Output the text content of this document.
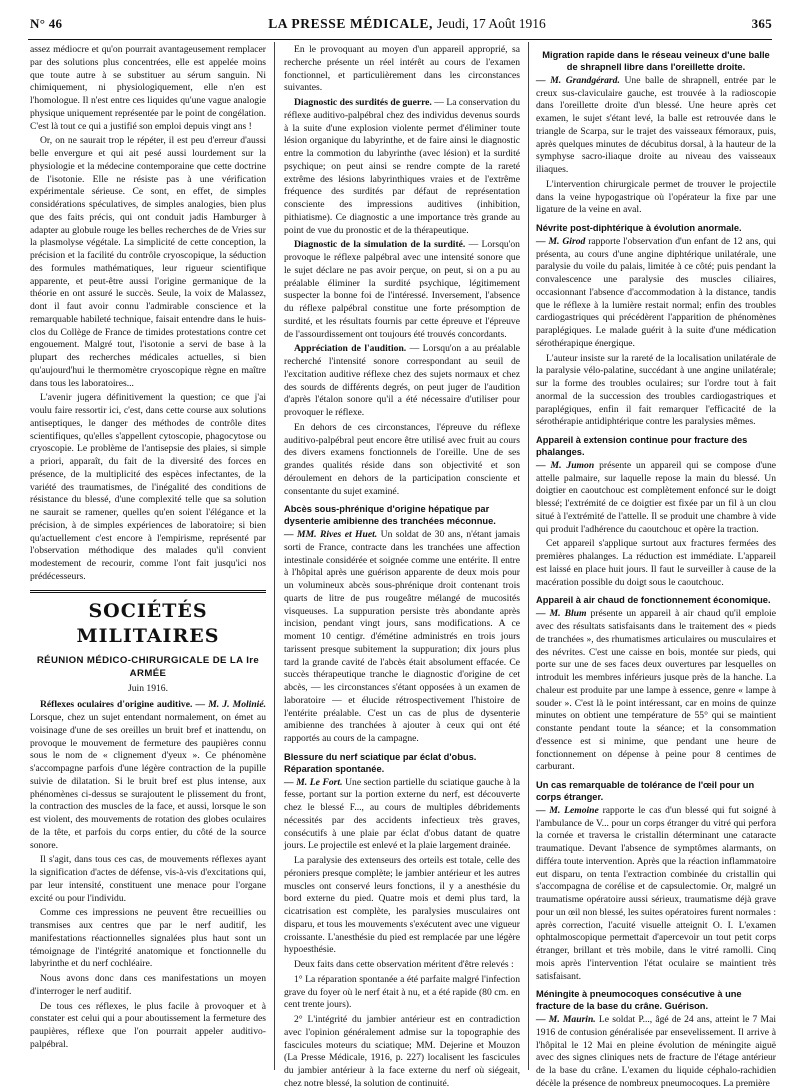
N° 46	LA PRESSE MÉDICALE, Jeudi, 17 Août 1916	365

assez médiocre et qu'on pourrait avantageusement remplacer par des solutions plus concentrées, elle est appelée moins que toute autre à se substituer au sérum sanguin. Ni chimiquement, ni physiologiquement, elle n'en est l'homologue. Il n'est entre ces liquides qu'une vague analogie physique uniquement représentée par le point de congélation. C'est là tout ce qui a justifié son emploi depuis vingt ans !

Or, on ne saurait trop le répéter, il est peu d'erreur d'aussi belle envergure et qui ait pesé aussi lourdement sur la physiologie et la médecine contemporaine que cette doctrine de l'isotonie. Elle ne résiste pas à une vérification expérimentale sérieuse. Ce sont, en effet, de simples considérations spéculatives, de simples analogies, bien plus que des faits précis, qui ont conduit jadis Hamburger à adapter au globule rouge les belles recherches de de Vries sur la plasmolyse végétale. La simplicité de cette conception, la précision et la facilité du contrôle cryoscopique, la séduction des formules mathématiques, leur rigueur scientifique apparente, et peut-être aussi l'origine germanique de la théorie en ont assuré le succès. Seule, la voix de Malassez, dont il faut avoir connu l'admirable conscience et la remarquable habileté technique, faisait entendre dans le huis-clos du Collège de France de timides protestations contre cet engouement. Malgré tout, l'isotonie a servi de base à la plupart des recherches médicales actuelles, si bien qu'aujourd'hui le thermomètre cryoscopique règne en maître dans tous les laboratoires...

L'avenir jugera définitivement la question; ce que j'ai voulu faire ressortir ici, c'est, dans cette course aux solutions antiseptiques, le danger des méthodes de contrôle dites scientifiques, qu'elles s'appellent cytoscopie, phagocytose ou cryoscopie. Le problème de l'antisepsie des plaies, si simple a priori, apparaît, du fait de la diversité des forces en présence, de la multiplicité des espèces infectantes, de la variété des traumatismes, de l'inégalité des conditions de résistance du blessé, d'une complexité telle que sa solution ne saurait se ramener, quelles qu'en soient l'élégance et la précision, à de simples expériences de laboratoire; si bien qu'actuellement c'est encore à l'empirisme, représenté par l'observation méthodique des malades qu'il convient modestement de recourir, comme l'ont fait jusqu'ici nos prédécesseurs.

SOCIÉTÉS MILITAIRES
RÉUNION MÉDICO-CHIRURGICALE DE LA Ire ARMÉE
Juin 1916.

Réflexes oculaires d'origine auditive. — M. J. Molinié. Lorsque, chez un sujet entendant normalement, on émet au voisinage d'une de ses oreilles un bruit bref et inattendu, on provoque le mouvement de fermeture des paupières connu sous le nom de « clignement d'yeux ». Ce phénomène s'accompagne parfois d'une légère contraction de la pupille suivie de dilatation. Si le bruit bref est plus intense, aux phénomènes ci-dessus se surajoutent le plissement du front, la contraction des muscles de la face, et aussi, lorsque le son est violent, des mouvements de rotation des globes oculaires de la tête, et parfois du corps entier, du côté de la source sonore.

Il s'agit, dans tous ces cas, de mouvements réflexes ayant la signification d'actes de défense, vis-à-vis d'excitations qui, par leur intensité, constituent une menace pour l'organe excité ou pour l'individu.

Comme ces impressions ne peuvent être recueillies ou transmises aux centres que par le nerf auditif, les manifestations réactionnelles signalées plus haut sont un témoignage de l'intégrité anatomique et fonctionnelle du labyrinthe et du nerf cochléaire.

Nous avons donc dans ces manifestations un moyen d'interroger le nerf auditif.

De tous ces réflexes, le plus facile à provoquer et à constater est celui qui a pour aboutissement la fermeture des paupières, réflexe que l'on pourrait appeler auditivo-palpébral.

En le provoquant au moyen d'un appareil approprié, sa recherche présente un réel intérêt au cours de l'examen fonctionnel, et particulièrement dans les circonstances suivantes.

Diagnostic des surdités de guerre. — La conservation du réflexe auditivo-palpébral chez des individus devenus sourds à la suite d'une explosion violente permet d'éliminer toute lésion organique du labyrinthe, et de faire ainsi le diagnostic entre la commotion du labyrinthe (avec lésion) et la surdité psychique; on peut ainsi se rendre compte de la rareté extrême des lésions labyrinthiques vraies et de l'extrême fréquence des surdités par défaut de représentation consciente des impressions auditives (inhibition, pithiatisme). Ce diagnostic a une importance très grande au point de vue du pronostic et de la thérapeutique.

Diagnostic de la simulation de la surdité. — Lorsqu'on provoque le réflexe palpébral avec une intensité sonore que le sujet déclare ne pas avoir perçue, on peut, si on a pu au préalable éliminer la surdité psychique, légitimement suspecter la bonne foi de l'intéressé. Inversement, l'absence du réflexe palpébral constitue une forte présomption de surdité, et les résultats fournis par cette épreuve et l'épreuve de l'assourdissement ont toujours été trouvés concordants.

Appréciation de l'audition. — Lorsqu'on a au préalable recherché l'intensité sonore correspondant au seuil de l'excitation auditive réflexe chez des sujets normaux et chez des sourds de différents degrés, on peut juger de l'audition d'après l'étalon sonore qu'il a été nécessaire d'utiliser pour provoquer le réflexe.

En dehors de ces circonstances, l'épreuve du réflexe auditivo-palpébral peut encore être utilisé avec fruit au cours des divers examens fonctionnels de l'oreille. Une de ses grandes qualités réside dans son objectivité et son déroulement en dehors de la participation consciente et consentante du sujet examiné.

Abcès sous-phrénique d'origine hépatique par dysenterie amibienne des tranchées méconnue.

— MM. Rives et Huet. Un soldat de 30 ans, n'étant jamais sorti de France, contracte dans les tranchées une affection intestinale considérée et soignée comme une entérite. Il entre à l'hôpital après une guérison apparente de deux mois pour un volumineux abcès sous-phrénique droit contenant trois quarts de litre de pus rougeâtre mélangé de mucosités visqueuses. La suppuration persiste très abondante après incision, pendant vingt jours, sans modifications. A ce moment 10 centigr. d'émétine administrés en trois jours tarissent presque subitement la suppuration; dix jours plus tard la grande cavité de l'abcès était absolument effacée. Ce succès thérapeutique tranche le diagnostic d'origine de cet abcès, — les circonstances s'étant opposées à un examen de laboratoire — et élucide rétrospectivement l'histoire de l'entérite préalable. C'est un cas de plus de dysenterie amibienne des tranchées à ajouter à ceux qui ont été rapportés au cours de la campagne.

Blessure du nerf sciatique par éclat d'obus. Réparation spontanée.

— M. Le Fort. Une section partielle du sciatique gauche à la fesse, portant sur la portion externe du nerf, est découverte chez le blessé F..., au cours de multiples débridements nécessités par des accidents infectieux très graves, consécutifs à une plaie par éclat d'obus datant de quatre jours. Le projectile est enlevé et la plaie largement drainée.

La paralysie des extenseurs des orteils est totale, celle des péroniers presque complète; le jambier antérieur et les autres muscles ont conservé leurs fonctions, il y a anesthésie du bord externe du pied. Quatre mois et demi plus tard, la cicatrisation est complète, les paralysies musculaires ont disparu, et tous les mouvements s'exécutent avec une vigueur croissante. L'anesthésie du pied est remplacée par une légère hypoesthésie.

Deux faits dans cette observation méritent d'être relevés :

1° La réparation spontanée a été parfaite malgré l'infection grave du foyer où le nerf était à nu, et a été rapide (80 cm. en cent trente jours).

2° L'intégrité du jambier antérieur est en contradiction avec l'opinion généralement admise sur la topographie des fascicules moteurs du sciatique; MM. Dejerine et Mouzon (La Presse Médicale, 1916, p. 227) localisent les fascicules du jambier antérieur à la face externe du nerf où siégeait, chez notre blessé, la solution de continuité.

Migration rapide dans le réseau veineux d'une balle de shrapnell libre dans l'oreillette droite.

— M. Grandgérard. Une balle de shrapnell, entrée par le creux sus-claviculaire gauche, est trouvée à la radioscopie dans l'oreillette droite d'un blessé. Une heure après cet examen, le sujet s'étant levé, la balle est retrouvée dans le triangle de Scarpa, sur le trajet des vaisseaux fémoraux, puis, après quelques minutes de décubitus dorsal, à la hauteur de la symphyse sacro-iliaque droite au niveau des vaisseaux iliaques.

L'intervention chirurgicale permet de trouver le projectile dans la veine hypogastrique où l'opérateur la fixe par une ligature de la veine en aval.

Névrite post-diphtérique à évolution anormale.

— M. Girod rapporte l'observation d'un enfant de 12 ans, qui présenta, au cours d'une angine diphtérique unilatérale, une paralysie du voile du palais, limitée à ce côté; puis pendant la convalescence une paralysie des muscles ciliaires, occasionnant l'absence d'accommodation à la distance, tandis que le réflexe à la lumière restait normal; enfin des troubles cardiogastriques qui précédèrent l'apparition de phénomènes paraplégiques. Le malade guérit à la suite d'une médication sérothérapique énergique.

L'auteur insiste sur la rareté de la localisation unilatérale de la paralysie vélo-palatine, succédant à une angine unilatérale; sur la forme des troubles oculaires; sur l'ordre tout à fait anormal de la succession des troubles cardiogastriques et paraplégiques, enfin il fait remarquer l'efficacité de la sérothérapie antidiphtérique contre les paralysies mêmes.

Appareil à extension continue pour fracture des phalanges.

— M. Jumon présente un appareil qui se compose d'une attelle palmaire, sur laquelle repose la main du blessé. Un doigtier en caoutchouc est complètement enfoncé sur le doigt blessé; l'extrémité de ce doigtier est fixée par un fil à un clou situé à l'extrémité de l'attelle. Il se produit une chambre à vide qui produit l'adhérence du caoutchouc et opère la traction.

Cet appareil s'applique surtout aux fractures fermées des premières phalanges. La réduction est immédiate. L'appareil est laissé en place huit jours. Il faut le surveiller à cause de la macération possible du doigt sous le caoutchouc.

Appareil à air chaud de fonctionnement économique.

— M. Blum présente un appareil à air chaud qu'il emploie avec des résultats satisfaisants dans le traitement des « pieds de tranchées », des rhumatismes articulaires ou musculaires et des névrites. C'est une caisse en bois, montée sur pieds, qui porte sur une de ses faces deux ouvertures par lesquelles on introduit les membres inférieurs jusque près de la hanche. La chaleur est produite par une lampe à essence, genre « lampe à souder ». C'est là le point intéressant, car en moins de quinze minutes on obtient une température de 55° qui se maintient constante pendant toute la séance; et la consommation d'essence est si minime, que pendant une heure de fonctionnement on dépense à peine pour 8 centimes de carburant.

Un cas remarquable de tolérance de l'œil pour un corps étranger.

— M. Lemoine rapporte le cas d'un blessé qui fut soigné à l'ambulance de V... pour un corps étranger du vitré qui perfora la cornée et traversa le cristallin déterminant une cataracte traumatique. Devant l'absence de symptômes alarmants, on différa toute intervention. Après que la réaction inflammatoire eut disparu, on tenta l'extraction combinée du cristallin qui s'accompagna de corélise et de capsulectomie. Or, malgré un traumatisme opératoire aussi sérieux, traumatisme déjà grave pour un œil non blessé, les suites opératoires furent normales : après correction, l'acuité visuelle atteignit O. I. L'examen ophtalmoscopique permettait d'apercevoir un tout petit corps étranger, brillant et très mobile, dans le vitré ramolli. Cinq mois après l'intervention l'état oculaire se maintient très satisfaisant.

Méningite à pneumocoques consécutive à une fracture de la base du crâne. Guérison.

— M. Maurin. Le soldat P..., âgé de 24 ans, atteint le 7 Mai 1916 de contusion généralisée par ensevelissement. Il arrive à l'hôpital le 12 Mai en pleine évolution de méningite aiguë avec des signes cliniques nets de fracture de l'étage antérieur de la base du crâne. L'examen du liquide céphalo-rachidien décèle la présence de nombreux pneumocoques. La première
